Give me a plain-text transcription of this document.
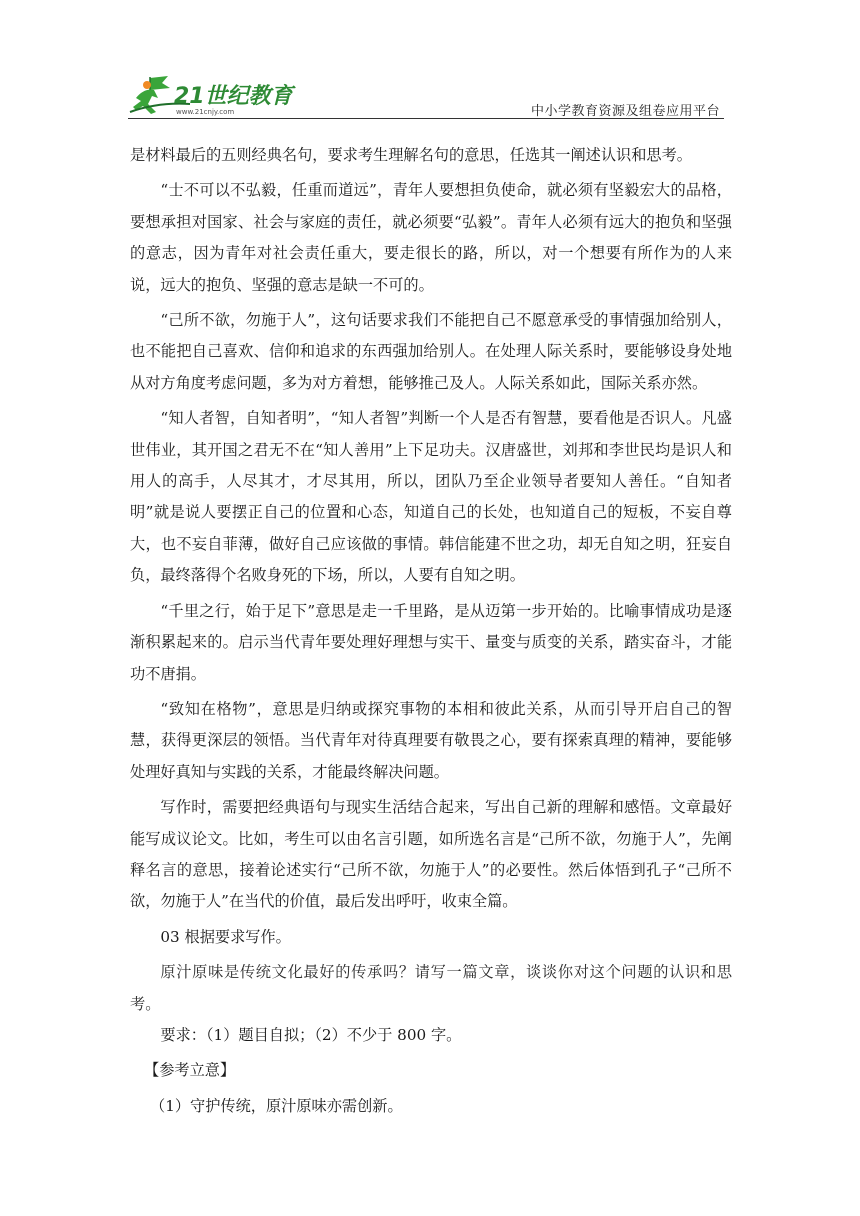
21世纪教育
www.21cnjy.com	中小学教育资源及组卷应用平台

是材料最后的五则经典名句，要求考生理解名句的意思，任选其一阐述认识和思考。

“士不可以不弘毅，任重而道远”，青年人要想担负使命，就必须有坚毅宏大的品格，要想承担对国家、社会与家庭的责任，就必须要“弘毅”。青年人必须有远大的抱负和坚强的意志，因为青年对社会责任重大，要走很长的路，所以，对一个想要有所作为的人来说，远大的抱负、坚强的意志是缺一不可的。

“己所不欲，勿施于人”，这句话要求我们不能把自己不愿意承受的事情强加给别人，也不能把自己喜欢、信仰和追求的东西强加给别人。在处理人际关系时，要能够设身处地从对方角度考虑问题，多为对方着想，能够推己及人。人际关系如此，国际关系亦然。

“知人者智，自知者明”，“知人者智”判断一个人是否有智慧，要看他是否识人。凡盛世伟业，其开国之君无不在“知人善用”上下足功夫。汉唐盛世，刘邦和李世民均是识人和用人的高手，人尽其才，才尽其用，所以，团队乃至企业领导者要知人善任。“自知者明”就是说人要摆正自己的位置和心态，知道自己的长处，也知道自己的短板，不妄自尊大，也不妄自菲薄，做好自己应该做的事情。韩信能建不世之功，却无自知之明，狂妄自负，最终落得个名败身死的下场，所以，人要有自知之明。

“千里之行，始于足下”意思是走一千里路，是从迈第一步开始的。比喻事情成功是逐渐积累起来的。启示当代青年要处理好理想与实干、量变与质变的关系，踏实奋斗，才能功不唐捐。

“致知在格物”，意思是归纳或探究事物的本相和彼此关系，从而引导开启自己的智慧，获得更深层的领悟。当代青年对待真理要有敬畏之心，要有探索真理的精神，要能够处理好真知与实践的关系，才能最终解决问题。

写作时，需要把经典语句与现实生活结合起来，写出自己新的理解和感悟。文章最好能写成议论文。比如，考生可以由名言引题，如所选名言是“己所不欲，勿施于人”，先阐释名言的意思，接着论述实行“己所不欲，勿施于人”的必要性。然后体悟到孔子“己所不欲，勿施于人”在当代的价值，最后发出呼吁，收束全篇。

03 根据要求写作。

原汁原味是传统文化最好的传承吗？请写一篇文章，谈谈你对这个问题的认识和思考。

要求：（1）题目自拟；（2）不少于 800 字。

【参考立意】

（1）守护传统，原汁原味亦需创新。
